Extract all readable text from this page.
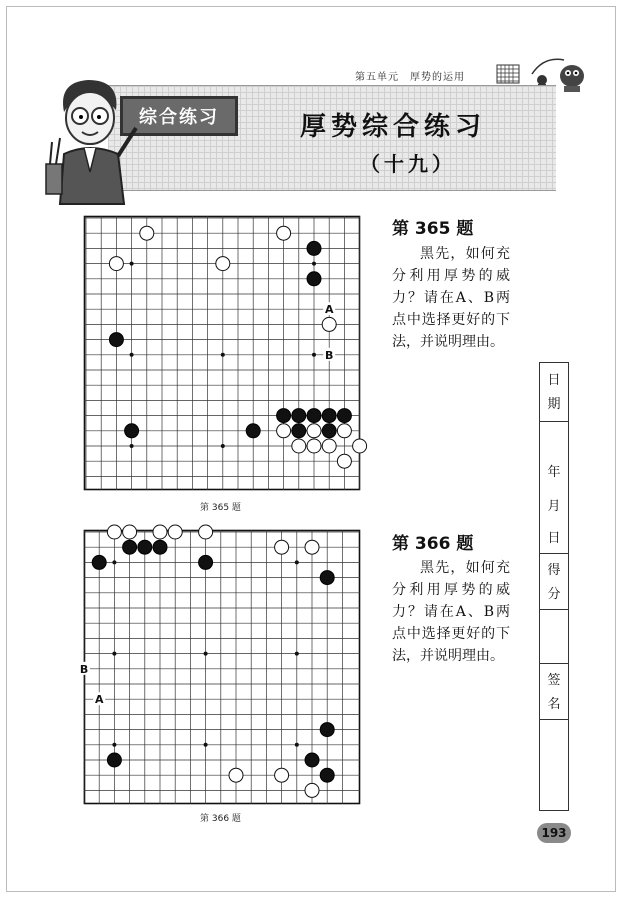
第五单元　厚势的运用
综合练习	厚势综合练习
（十九）
A
B
第 365 题
第 365 题
黑先，如何充分利用厚势的威力？请在A、B两点中选择更好的下法，并说明理由。
B
A
第 366 题
第 366 题
黑先，如何充分利用厚势的威力？请在A、B两点中选择更好的下法，并说明理由。
日
期
年
月
日
得
分
签
名
193
